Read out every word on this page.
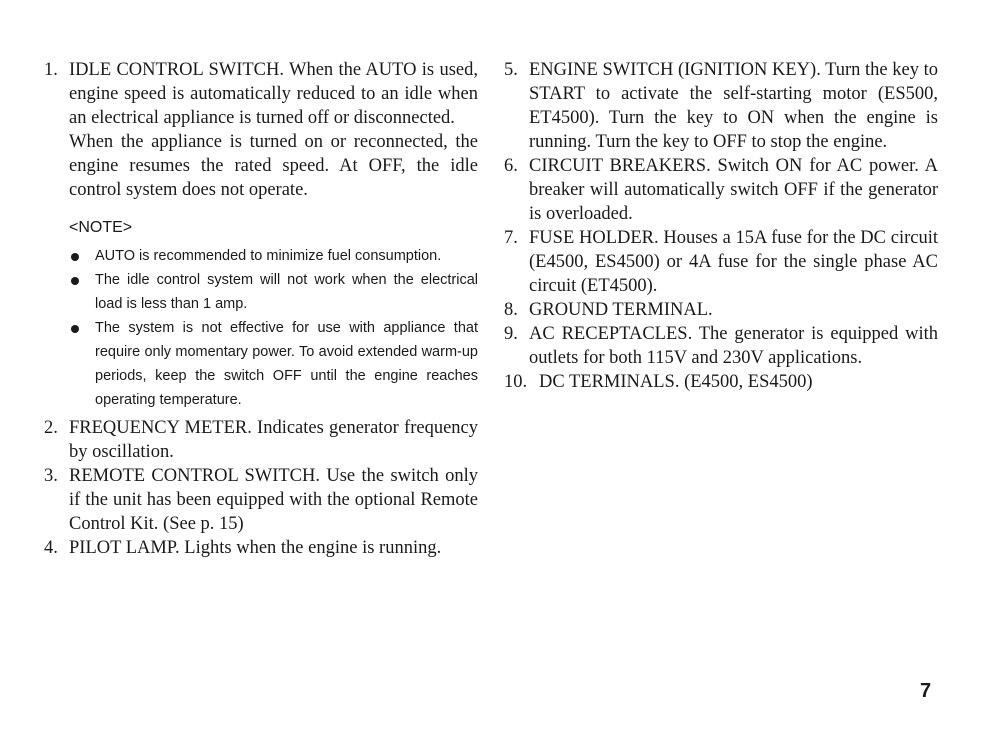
1. IDLE CONTROL SWITCH. When the AUTO is used, engine speed is automatically reduced to an idle when an electrical appliance is turned off or disconnected.

When the appliance is turned on or reconnected, the engine resumes the rated speed. At OFF, the idle control system does not operate.

<NOTE>
AUTO is recommended to minimize fuel consumption.
The idle control system will not work when the electrical load is less than 1 amp.
The system is not effective for use with appliance that require only momentary power. To avoid extended warm-up periods, keep the switch OFF until the engine reaches operating temperature.
2. FREQUENCY METER. Indicates generator frequency by oscillation.

3. REMOTE CONTROL SWITCH. Use the switch only if the unit has been equipped with the optional Remote Control Kit. (See p. 15)

4. PILOT LAMP. Lights when the engine is running.

5. ENGINE SWITCH (IGNITION KEY). Turn the key to START to activate the self-starting motor (ES500, ET4500). Turn the key to ON when the engine is running. Turn the key to OFF to stop the engine.

6. CIRCUIT BREAKERS. Switch ON for AC power. A breaker will automatically switch OFF if the generator is overloaded.

7. FUSE HOLDER. Houses a 15A fuse for the DC circuit (E4500, ES4500) or 4A fuse for the single phase AC circuit (ET4500).

8. GROUND TERMINAL.

9. AC RECEPTACLES. The generator is equipped with outlets for both 115V and 230V applications.

10. DC TERMINALS. (E4500, ES4500)

7
